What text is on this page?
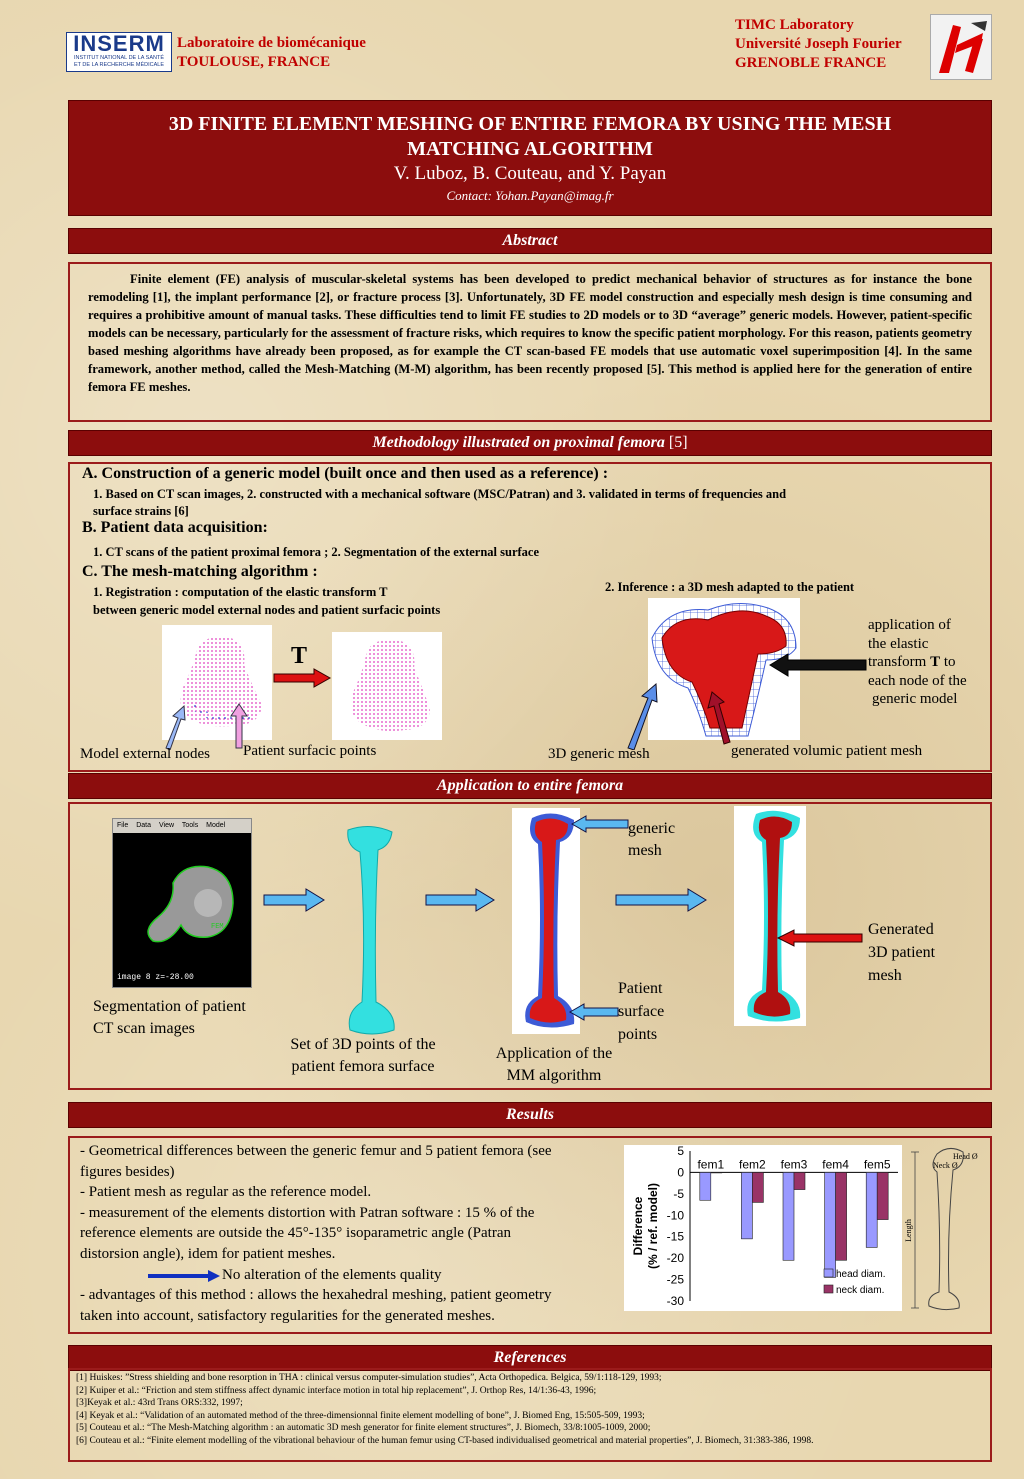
INSERM
INSTITUT NATIONAL DE LA SANTÉ
ET DE LA RECHERCHE MÉDICALE
Laboratoire de biomécanique
TOULOUSE, FRANCE
TIMC Laboratory
Université Joseph Fourier
GRENOBLE FRANCE
3D FINITE ELEMENT MESHING OF ENTIRE FEMORA BY USING THE MESH
MATCHING ALGORITHM
V. Luboz, B. Couteau, and Y. Payan
Contact: Yohan.Payan@imag.fr
Abstract
Finite element (FE) analysis of muscular-skeletal systems has been developed to predict mechanical behavior of structures as for instance the bone remodeling [1], the implant performance [2], or fracture process [3]. Unfortunately, 3D FE model construction and especially mesh design is time consuming and requires a prohibitive amount of manual tasks. These difficulties tend to limit FE studies to 2D models or to 3D “average” generic models. However, patient-specific models can be necessary, particularly for the assessment of fracture risks, which requires to know the specific patient morphology. For this reason, patients geometry based meshing algorithms have already been proposed, as for example the CT scan-based FE models that use automatic voxel superimposition [4]. In the same framework, another method, called the Mesh-Matching (M-M) algorithm, has been recently proposed [5]. This method is applied here for the generation of entire femora FE meshes.
Methodology illustrated on proximal femora [5]
A. Construction of a generic model (built once and then used as a reference) :
1. Based on CT scan images, 2. constructed with a mechanical software (MSC/Patran) and 3. validated in terms of frequencies and
surface strains [6]
B. Patient data acquisition:
1. CT scans of the patient proximal femora ; 2. Segmentation of the external surface
C. The mesh-matching algorithm :
1. Registration : computation of the elastic transform T
between generic model external nodes and patient surfacic points
2. Inference : a 3D mesh adapted to the patient
T
Model external nodes Patient surfacic points
application of
the elastic
transform T to
each node of the
generic model
3D generic mesh	generated volumic patient mesh
Application to entire femora
File Data View Tools Model
FEM
image 8 z=-28.00
Segmentation of patient
CT scan images
Set of 3D points of the
patient femora surface
generic
mesh
Patient
surface
points
Application of the
MM algorithm
Generated
3D patient
mesh
Results
- Geometrical differences between the generic femur and 5 patient femora (see
figures besides)
- Patient mesh as regular as the reference model.
- measurement of the elements distortion with Patran software : 15 % of the
reference elements are outside the 45°-135° isoparametric angle (Patran
distorsion angle), idem for patient meshes.
No alteration of the elements quality
- advantages of this method : allows the hexahedral meshing, patient geometry
taken into account, satisfactory regularities for the generated meshes.
5
0
-5
-10
-15
-20
-25
-30
Difference (% / ref. model)
fem1 fem2 fem3 fem4 fem5
head diam.
neck diam.
Head Ø
Neck Ø
Length
References
[1] Huiskes: ”Stress shielding and bone resorption in THA : clinical versus computer-simulation studies”, Acta Orthopedica. Belgica, 59/1:118-129, 1993;
[2] Kuiper et al.: “Friction and stem stiffness affect dynamic interface motion in total hip replacement”, J. Orthop Res, 14/1:36-43, 1996;
[3]Keyak et al.: 43rd Trans ORS:332, 1997;
[4] Keyak et al.: “Validation of an automated method of the three-dimensionnal finite element modelling of bone”, J. Biomed Eng, 15:505-509, 1993;
[5] Couteau et al.: “The Mesh-Matching algorithm : an automatic 3D mesh generator for finite element structures”, J. Biomech, 33/8:1005-1009, 2000;
[6] Couteau et al.: “Finite element modelling of the vibrational behaviour of the human femur using CT-based individualised geometrical and material properties”, J. Biomech, 31:383-386, 1998.
